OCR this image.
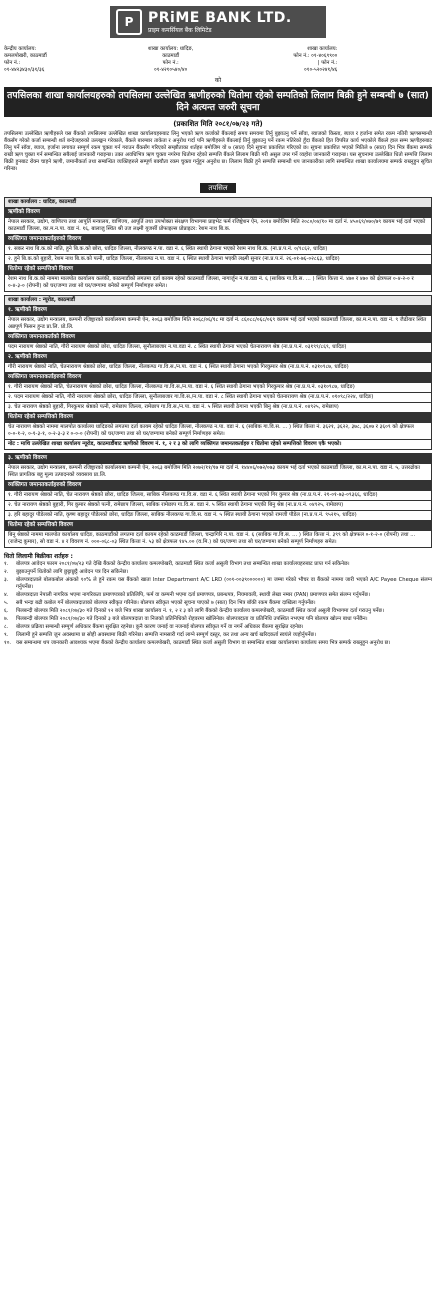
P	PRiME BANK LTD.
प्राइम कमर्सियल बैंक लिमिटेड
केन्द्रीय कार्यालय: कमलपोखरी, काठमाडौं
फोन नं.: ०१-४४२३४३०/३१/३६
शाखा कार्यालय: धादिङ, काठमाडौं
फोन नं.: ०१-४२१०५४०/४०
शाखा कार्यालय:
फोन नं.: ०१-४०६९९०० | फोन नं.: ०१०-५२०२४१/४६
को
तपसिलका शाखा कार्यालयहरुको तपसिलमा उल्लेखित ऋणीहरुको धितोमा रहेको सम्पतिको लिलाम बिक्री हुने सम्बन्धी ७ (सात) दिने अत्यन्त जरुरी सूचना
(प्रकाशित मिति २०८१/०७/२३ गते)
तपसिलमा उल्लेखित ऋणीहरुले यस बैंकको तपसिलमा उल्लेखित शाखा कार्यालयहरुबाट लिनु भएको ऋण कर्जाको बैंकलाई समय समयमा तिर्नु बुझाउनु पर्ने साँवा, ब्याजको किस्ता, ब्याज र हर्जाना समेत रकम नतिरी ऋणसम्बन्धी बैंकसँग गरेको कर्जा सम्बन्धी शर्त बन्देजहरुको उल्लङ्घन गरेकाले, बैंकले बारम्बार ताकेता र अनुरोध गर्दा पनि ऋणीहरुले बैंकलाई तिर्नु बुझाउनु पर्ने रकम नतिरेको हुँदा बैंकको हित विपरित कार्य भएकोले बैंकले हाल सम्म ऋणीहरुबाट लिनु पर्ने साँवा, ब्याज, हर्जाना लगायत सम्पूर्ण रकम चुक्ता गर्न गराउन बैंकसँग गरिएको सम्झौताका शर्तहरु बमोजिम यो ७ (सात) दिने सूचना प्रकाशित गरिएको छ। सूचना प्रकाशित भएको मितिले ७ (सात) दिन भित्र बैंकमा सम्पर्क राखी ऋण चुक्ता गर्न सम्बन्धित सबैलाई जानकारी गराइन्छ। उक्त अवधिभित्र ऋण चुक्ता नगरेमा धितोमा रहेको सम्पत्ति बैंकले लिलाम बिक्री गरी असुल उपर गर्ने व्यहोरा जानकारी गराइन्छ। यस सूचनामा उल्लेखित धितो सम्पत्ति लिलाम बिक्री हुनबाट रोक्न चाहने ऋणी, जमानीकर्ता तथा सम्बन्धित व्यक्तिहरुले सम्पूर्ण बक्यौता रकम चुक्ता गर्नुहुन अनुरोध छ। लिलाम बिक्री हुने सम्पत्ति सम्बन्धी थप जानकारीका लागि सम्बन्धित शाखा कार्यालयमा सम्पर्क राख्नुहुन सूचित गरिन्छ।
तपसिल
शाखा कार्यालय : धादिङ, काठमाडौं
ऋणीको विवरण
नेपाल सरकार, उद्योग, वाणिज्य तथा आपूर्ति मन्त्रालय, वाणिज्य, आपूर्ति तथा उपभोक्ता संरक्षण विभागमा प्राइभेट फर्म रजिष्ट्रेशन ऐन, २०१४ बमोजिम मिति २०८०/०४/१० मा दर्ता नं. ४५०६९/०७०/७९ कायम भई दर्ता भएको काठमाडौं जिल्ला, का.म.न.पा. वडा नं. १६, बालाजु स्थित श्री उज लक्ष्मी यूजर्सी प्रोफाइल्स प्रोप्राइटर: रेशम नाथ बि.क.
व्यक्तिगत जमानतकर्ताहरुको विवरण
१. सकर नाथ बि.क.को नाति, हुने बि.क.को छोरा, धादिङ जिल्ला, नीलकण्ठ न.पा. वडा नं. ६ स्थित स्थायी ठेगाना भएको रेशम नाथ बि.क. (ना.प्र.प.नं. ०/९८६२, धादिङ)
२. हुने बि.क.को बुहारी, रेशम नाथ बि.क.को पत्नी, धादिङ जिल्ला, नीलकण्ठ न.पा. वडा नं. ६ स्थित स्थायी ठेगाना भएकी लक्ष्मी सुनार (ना.प्र.प.नं. २६-०१-७६-०२८६३, धादिङ)
धितोमा रहेको सम्पत्तिको विवरण
रेशम नाथ बि.क.को नाममा मालपोत कार्यालय कलंकी, काठमाडौंको लगतमा दर्ता कायम रहेको काठमाडौं जिल्ला, नागार्जुन न.पा.वडा नं. ६ (साबिक गा.वि.स. ... ) स्थित कित्ता नं. ४७० र ४७० को क्षेत्रफल ०-४-२-० र ०-४-३-० (रोपनी) को घर/जग्गा तथा सो घर/जग्गामा बनेको सम्पूर्ण निर्माणहरु समेत।
शाखा कार्यालय : न्यूरोड, काठमाडौं
१. ऋणीको विवरण
नेपाल सरकार, उद्योग मन्त्रालय, कम्पनी रजिष्ट्रारको कार्यालयमा कम्पनी ऐन, २०६३ बमोजिम मिति २०६८/०६/१८ मा दर्ता नं. ८६०८८/०६८/०६९ कायम भई दर्ता भएको काठमाडौं जिल्ला, का.म.न.पा. वडा नं. ९ जैढीयार स्थित अन्नपूर्ण फिसन हुन्ड प्रा.लि. प्रो.लि.
व्यक्तिगत जमानतकर्ताको विवरण
पदम नारायण श्रेष्ठको नाति, गौरी नारायण श्रेष्ठको छोरा, धादिङ जिल्ला, सुनौलाबजार न.पा.वडा नं. ८ स्थित स्थायी ठेगाना भएको चेतनारायण श्रेष्ठ (ना.प्र.प.नं. ०३१९९/८६९, धादिङ)
२. ऋणीको विवरण
गौरी नारायण श्रेष्ठको नाति, चेतनारायण श्रेष्ठको छोरा, धादिङ जिल्ला, नीलकण्ठ गा.वि.स./न.पा. वडा नं. ६ स्थित स्थायी ठेगाना भएको गिरकुमार श्रेष्ठ (ना.प्र.प.नं. ०३१०९८७, धादिङ)
व्यक्तिगत जमानतकर्ताहरुको विवरण
१. गौरी नारायण श्रेष्ठको नाति, चेतनारायण श्रेष्ठको छोरा, धादिङ जिल्ला, नीलकण्ठ गा.वि.स./न.पा. वडा नं. ६ स्थित स्थायी ठेगाना भएको गिरकुमार श्रेष्ठ (ना.प्र.प.नं. ०३१०९८७, धादिङ)
२. पदम नारायण श्रेष्ठको नाति, गौरी नारायण श्रेष्ठको छोरा, धादिङ जिल्ला, सुनौलाबजार गा.वि.स./न.पा. वडा नं. ८ स्थित स्थायी ठेगाना भएको चेतनारायण श्रेष्ठ (ना.प्र.प.नं. ०१०९८/२२४, धादिङ)
३. चेत नारायण श्रेष्ठको बुहारी, गिरकुमार श्रेष्ठको पत्नी, रामेछाप जिल्ला, रामेछाप गा.वि.स./न.पा. वडा नं. ५ स्थित स्थायी ठेगाना भएकी बिनु श्रेष्ठ (ना.प्र.प.नं. ०४९२५, रामेछाप)
धितोमा रहेको सम्पत्तिको विवरण
चेत नारायण श्रेष्ठको नाममा मालपोत कार्यालय धादिङको लगतमा दर्ता कायम रहेको धादिङ जिल्ला, नीलकण्ठ न.पा. वडा नं. ६ (साबिक गा.वि.स. ... ) स्थित कित्ता नं. ३६२१, ३६२२, ३७८, ३६०७ र ३६०९ को क्षेत्रफल ०-०-१-२, ०-१-३-१, ०-२-३-३ र ०-०-० (रोपनी) को घर/जग्गा तथा सो घर/जग्गामा बनेको सम्पूर्ण निर्माणहरु समेत।
नोट : माथि उल्लेखित शाखा कार्यालय न्यूरोड, काठमाडौंबाट ऋणीको विवरण नं. १, २ र ३ को लागि व्यक्तिगत जमानतकर्ताहरु र धितोमा रहेको सम्पत्तिको विवरण एकै भएको।
३. ऋणीको विवरण
नेपाल सरकार, उद्योग मन्त्रालय, कम्पनी रजिष्ट्रारको कार्यालयमा कम्पनी ऐन, २०६३ बमोजिम मिति २०७२/११/१७ मा दर्ता नं. १४४०६/०७२/०७३ कायम भई दर्ता भएको काठमाडौं जिल्ला, का.म.न.पा. वडा नं. ५, उत्तरढोका स्थित प्रागतिक बहु मूल्य उत्पादनको व्यवसाय प्रा.लि.
व्यक्तिगत जमानतकर्ताहरुको विवरण
१. गौरी नारायण श्रेष्ठको नाति, चेत नारायण श्रेष्ठको छोरा, धादिङ जिल्ला, साबिक नीलकण्ठ गा.वि.स. वडा नं. ६ स्थित स्थायी ठेगाना भएको गिर कुमार श्रेष्ठ (ना.प्र.प.नं. २१-०१-७३-०९३६६, धादिङ)
२. चेत नारायण श्रेष्ठको बुहारी, गिर कुमार श्रेष्ठको पत्नी, रामेछाप जिल्ला, साबिक रामेछाप गा.वि.स. वडा नं. ५ स्थित स्थायी ठेगाना भएकी बिनु श्रेष्ठ (ना.प्र.प.नं. ०४९२५, रामेछाप)
३. हरि बहादुर पौडेलको नाति, कृष्ण बहादुर पौडेलको छोरा, धादिङ जिल्ला, साबिक नीलकण्ठ गा.वि.स. वडा नं. ५ स्थित स्थायी ठेगाना भएको रामजी पौडेल (ना.प्र.प.नं. ९५२१५, धादिङ)
धितोमा रहेको सम्पत्तिको विवरण
बिनु श्रेष्ठको नाममा मालपोत कार्यालय धादिङ, काठमाडौंको लगतमा दर्ता कायम रहेको काठमाडौं जिल्ला, चन्द्रागिरि न.पा. वडा नं. ६ (साबिक गा.वि.स. ... ) स्थित कित्ता नं. ३९९ को क्षेत्रफल ०-१-२-० (रोपनी) तथा ... (राजेन्द्र कुमार), सो वडा नं. ४ र विवरण नं. ०००-०६८-०३ स्थित कित्ता नं. ५३ को क्षेत्रफल १४५.०० (व.मि.) को घर/जग्गा तथा सो घर/जग्गामा बनेको सम्पूर्ण निर्माणहरु समेत।
धितो लिलामी बिक्रीका शर्तहरु :
१.	बोलपत्र आवेदन फारम २०८१/०७/२३ गते देखि बैंकको केन्द्रीय कार्यालय कमलपोखरी, काठमाडौं स्थित कर्जा असुली विभाग तथा सम्बन्धित शाखा कार्यालयहरुबाट प्राप्त गर्न सकिनेछ।
२.	बुझाउनुपर्ने धितोको लागि छुट्टाछुट्टै आवेदन पत्र दिन सकिनेछ।
३.	बोलपत्रदाताले बोलकबोल अंकको १०% ले हुने रकम यस बैंकको खाता Inter Department A/C LRD (००१-००३९००००००) मा जम्मा गरेको भौचर वा बैंकको नाममा जारी भएको A/C Payee Cheque संलग्न गर्नुपर्नेछ।
४.	बोलपत्रदाता नेपाली नागरिक भएमा नागरिकता प्रमाणपत्रको प्रतिलिपि, फर्म वा कम्पनी भएमा दर्ता प्रमाणपत्र, प्रबन्धपत्र, नियमावली, स्थायी लेखा नम्बर (PAN) प्रमाणपत्र समेत संलग्न गर्नुपर्नेछ।
५.	सबै भन्दा बढी कबोल गर्ने बोलपत्रदाताको बोलपत्र स्वीकृत गरिनेछ। बोलपत्र स्वीकृत भएको सूचना पाएको ७ (सात) दिन भित्र बाँकी रकम बैंकमा दाखिला गर्नुपर्नेछ।
६.	पिलबन्दी बोलपत्र मिति २०८१/०७/३० गते दिनको १२ बजे भित्र शाखा कार्यालय नं. १, २ र ३ को लागि बैंकको केन्द्रीय कार्यालय कमलपोखरी, काठमाडौं स्थित कर्जा असुली विभागमा दर्ता गराउनु पर्नेछ।
७.	पिलबन्दी बोलपत्र मिति २०८१/०७/३० गते दिनको ३ बजे बोलपत्रदाता वा निजको प्रतिनिधिको रोहवरमा खोलिनेछ। बोलपत्रदाता वा प्रतिनिधि उपस्थित नभएमा पनि बोलपत्र खोल्न बाधा पर्नेछैन।
८.	बोलपत्र प्रक्रिया सम्बन्धी सम्पूर्ण अधिकार बैंकमा सुरक्षित रहनेछ। कुनै कारण जनाई वा नजनाई बोलपत्र स्वीकृत गर्ने वा नगर्ने अधिकार बैंकमा सुरक्षित रहनेछ।
९.	लिलामी हुने सम्पत्ति जुन अवस्थामा छ सोही अवस्थामा बिक्री गरिनेछ। सम्पत्ति नामसारी गर्दा लाग्ने सम्पूर्ण दस्तुर, कर तथा अन्य खर्च खरिदकर्ता स्वयंले व्यहोर्नुपर्नेछ।
१०. यस सम्बन्धमा थप जानकारी आवश्यक भएमा बैंकको केन्द्रीय कार्यालय कमलपोखरी, काठमाडौं स्थित कर्जा असुली विभाग वा सम्बन्धित शाखा कार्यालयमा कार्यालय समय भित्र सम्पर्क राख्नुहुन अनुरोध छ।
